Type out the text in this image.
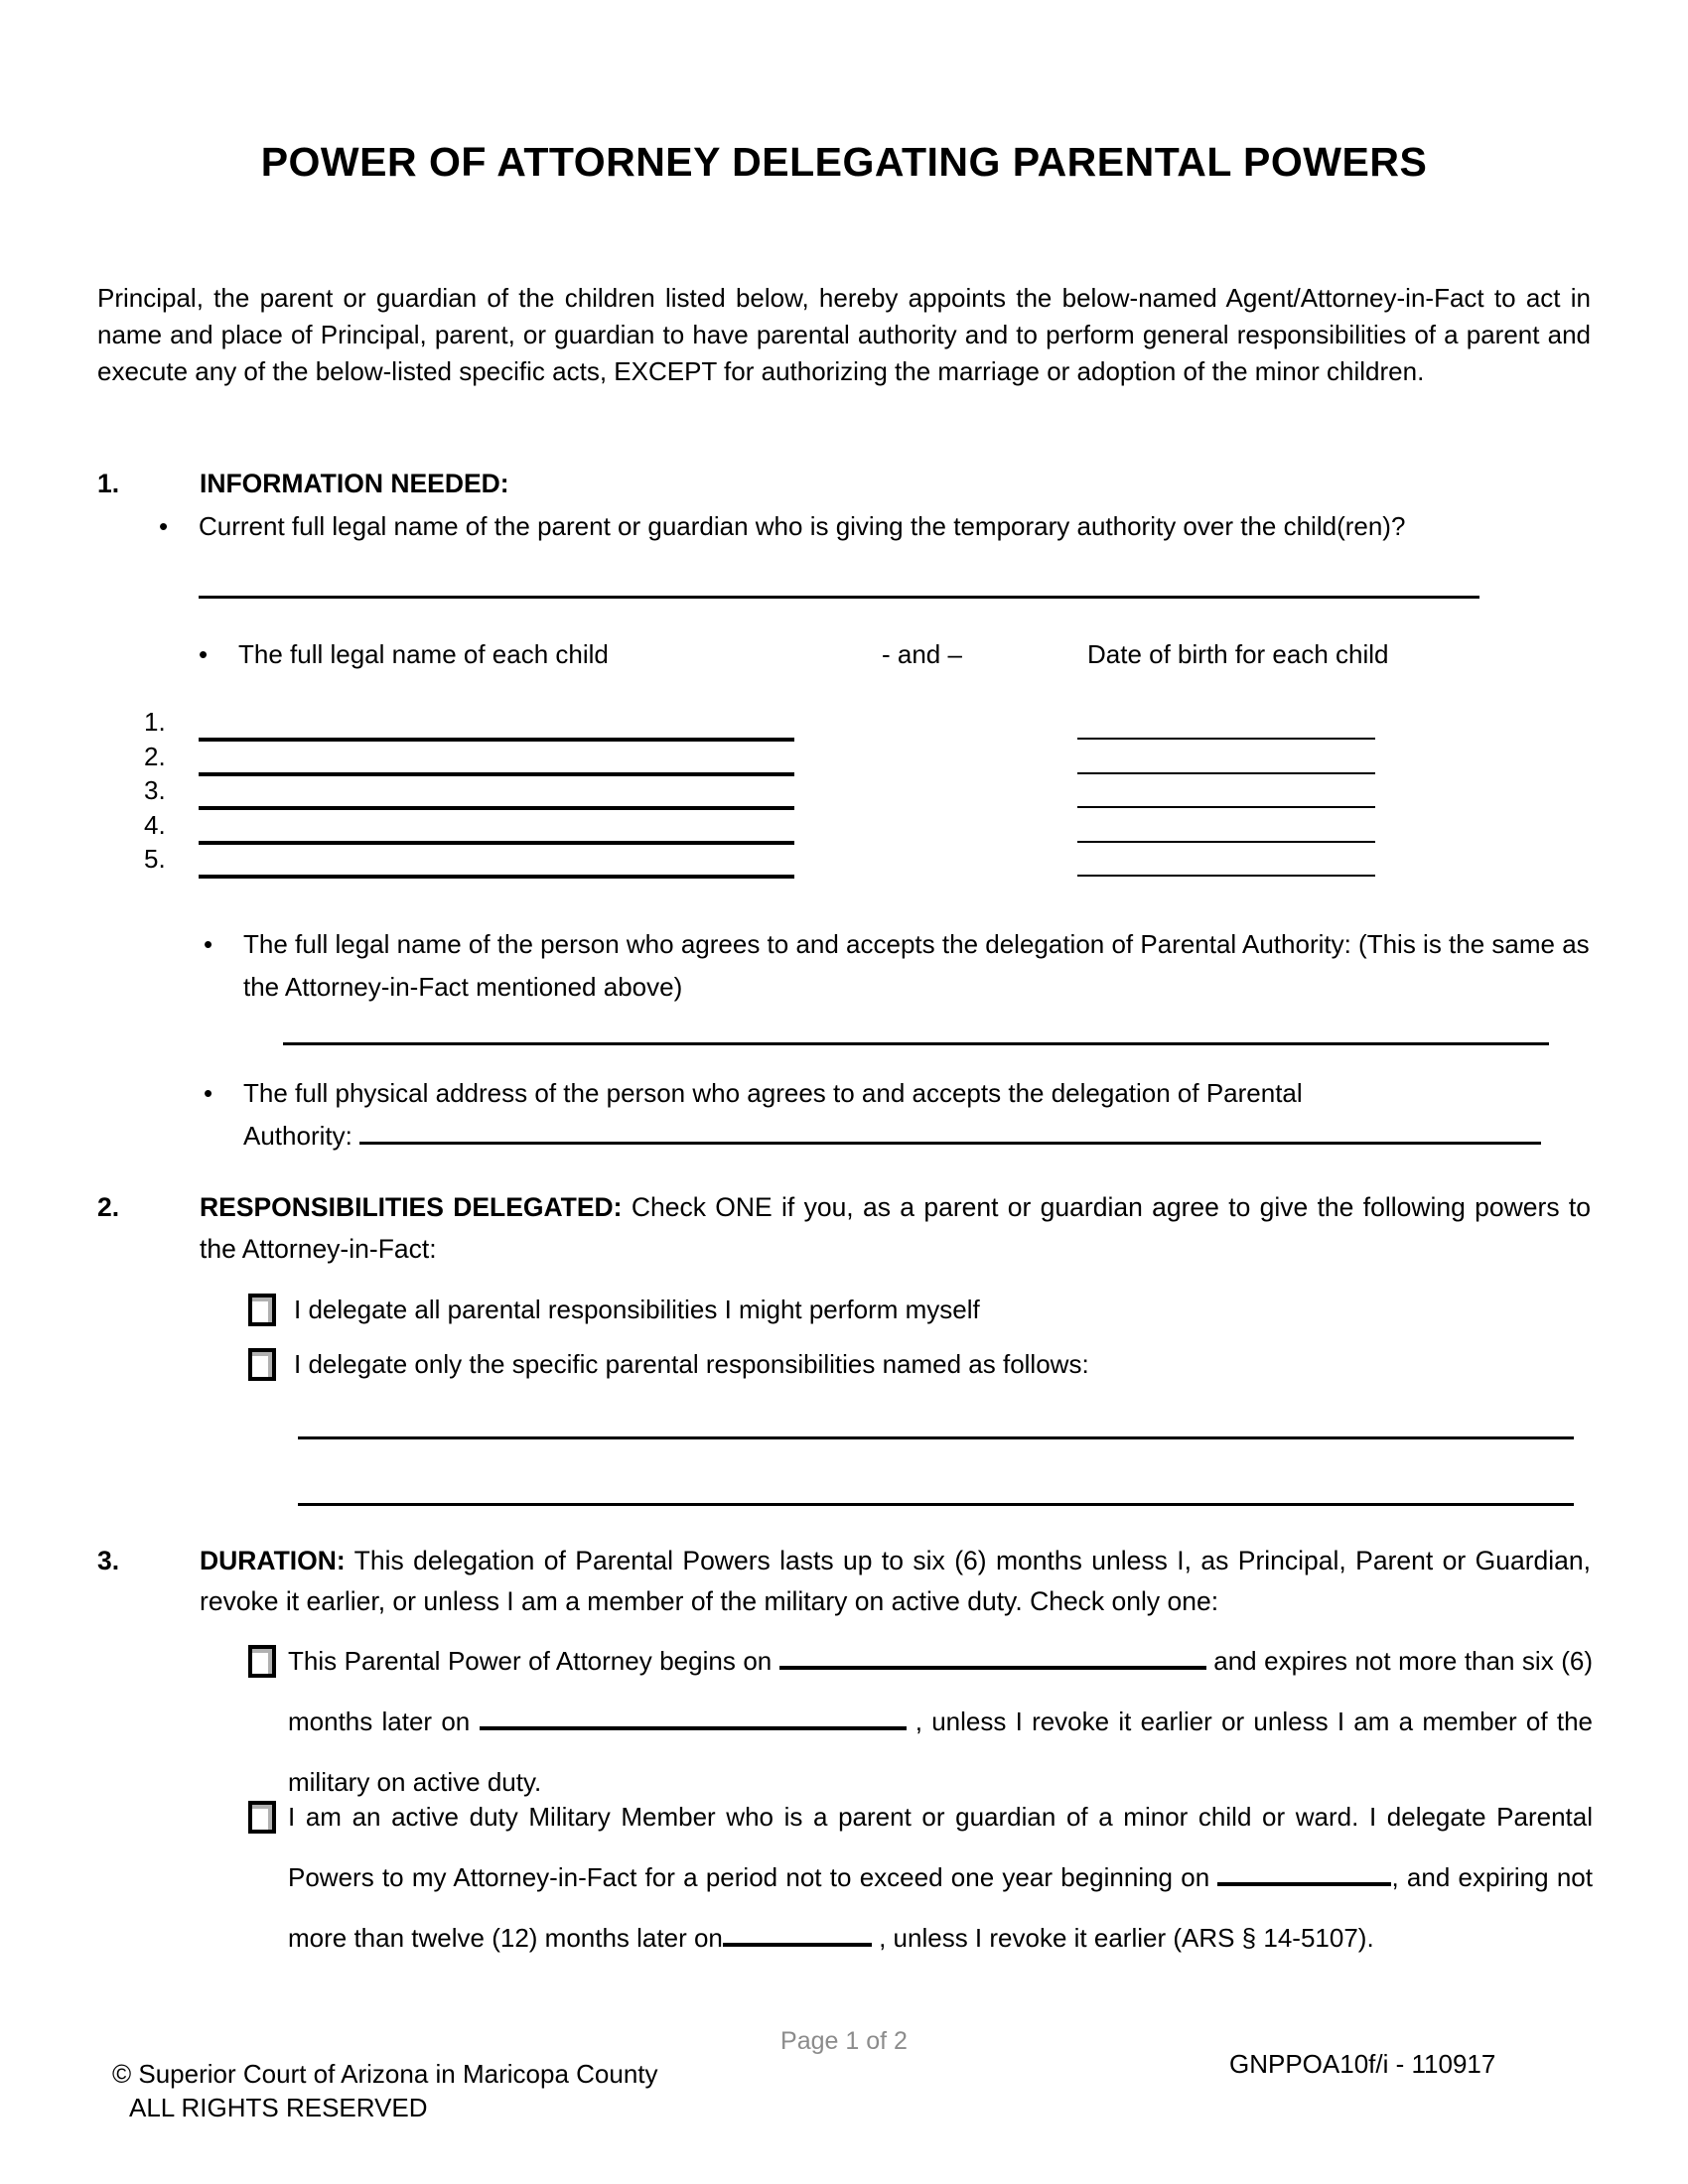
POWER OF ATTORNEY DELEGATING PARENTAL POWERS
Principal, the parent or guardian of the children listed below, hereby appoints the below-named Agent/Attorney-in-Fact to act in name and place of Principal, parent, or guardian to have parental authority and to perform general responsibilities of a parent and execute any of the below-listed specific acts, EXCEPT for authorizing the marriage or adoption of the minor children.
1.	INFORMATION NEEDED:
•	Current full legal name of the parent or guardian who is giving the temporary authority over the child(ren)?
• The full legal name of each child	- and –	Date of birth for each child
1.
2.
3.
4.
5.
•	The full legal name of the person who agrees to and accepts the delegation of Parental Authority: (This is the same as the Attorney-in-Fact mentioned above)
•	The full physical address of the person who agrees to and accepts the delegation of Parental
Authority:
2.	RESPONSIBILITIES DELEGATED: Check ONE if you, as a parent or guardian agree to give the following powers to the Attorney-in-Fact:
I delegate all parental responsibilities I might perform myself
I delegate only the specific parental responsibilities named as follows:
3.	DURATION: This delegation of Parental Powers lasts up to six (6) months unless I, as Principal, Parent or Guardian, revoke it earlier, or unless I am a member of the military on active duty. Check only one:
This Parental Power of Attorney begins on	and expires not more than six (6) months later on	, unless I revoke it earlier or unless I am a member of the military on active duty.
I am an active duty Military Member who is a parent or guardian of a minor child or ward. I delegate Parental Powers to my Attorney-in-Fact for a period not to exceed one year beginning on	, and expiring not more than twelve (12) months later on	, unless I revoke it earlier (ARS § 14-5107).
Page 1 of 2
© Superior Court of Arizona in Maricopa County
ALL RIGHTS RESERVED
GNPPOA10f/i - 110917
